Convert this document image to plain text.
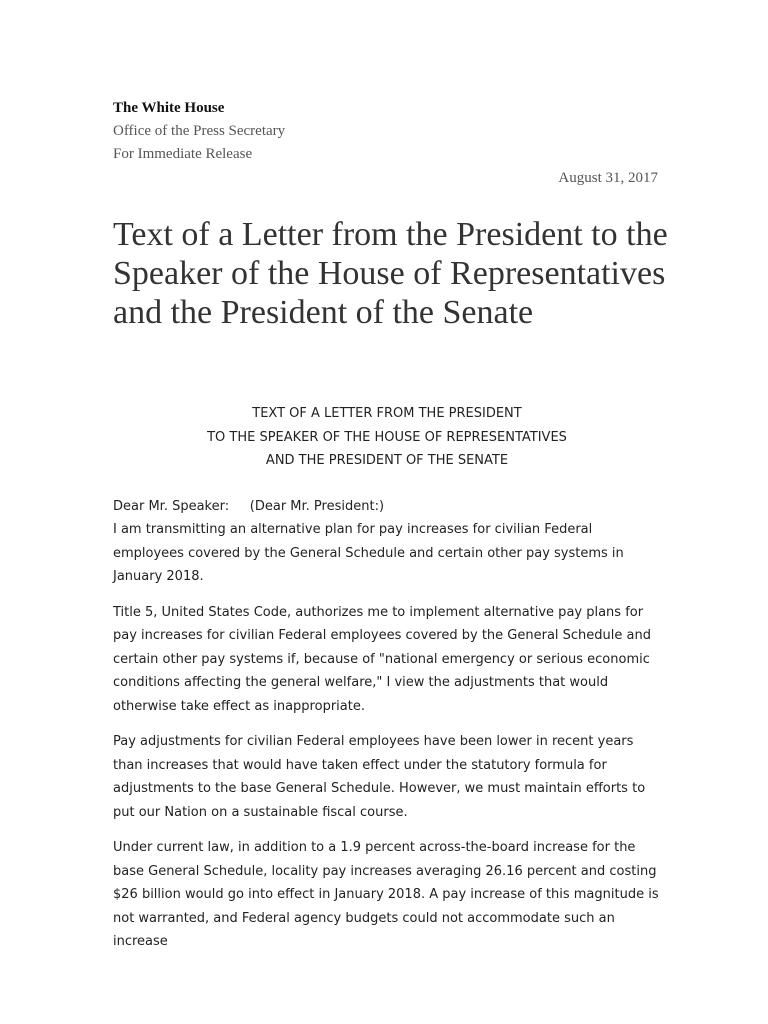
The White House
Office of the Press Secretary
For Immediate Release
August 31, 2017
Text of a Letter from the President to the Speaker of the House of Representatives and the President of the Senate
TEXT OF A LETTER FROM THE PRESIDENT
TO THE SPEAKER OF THE HOUSE OF REPRESENTATIVES
AND THE PRESIDENT OF THE SENATE
Dear Mr. Speaker:     (Dear Mr. President:)

I am transmitting an alternative plan for pay increases for civilian Federal employees covered by the General Schedule and certain other pay systems in January 2018.

Title 5, United States Code, authorizes me to implement alternative pay plans for pay increases for civilian Federal employees covered by the General Schedule and certain other pay systems if, because of "national emergency or serious economic conditions affecting the general welfare," I view the adjustments that would otherwise take effect as inappropriate.

Pay adjustments for civilian Federal employees have been lower in recent years than increases that would have taken effect under the statutory formula for adjustments to the base General Schedule. However, we must maintain efforts to put our Nation on a sustainable fiscal course.

Under current law, in addition to a 1.9 percent across-the-board increase for the base General Schedule, locality pay increases averaging 26.16 percent and costing $26 billion would go into effect in January 2018. A pay increase of this magnitude is not warranted, and Federal agency budgets could not accommodate such an increase
